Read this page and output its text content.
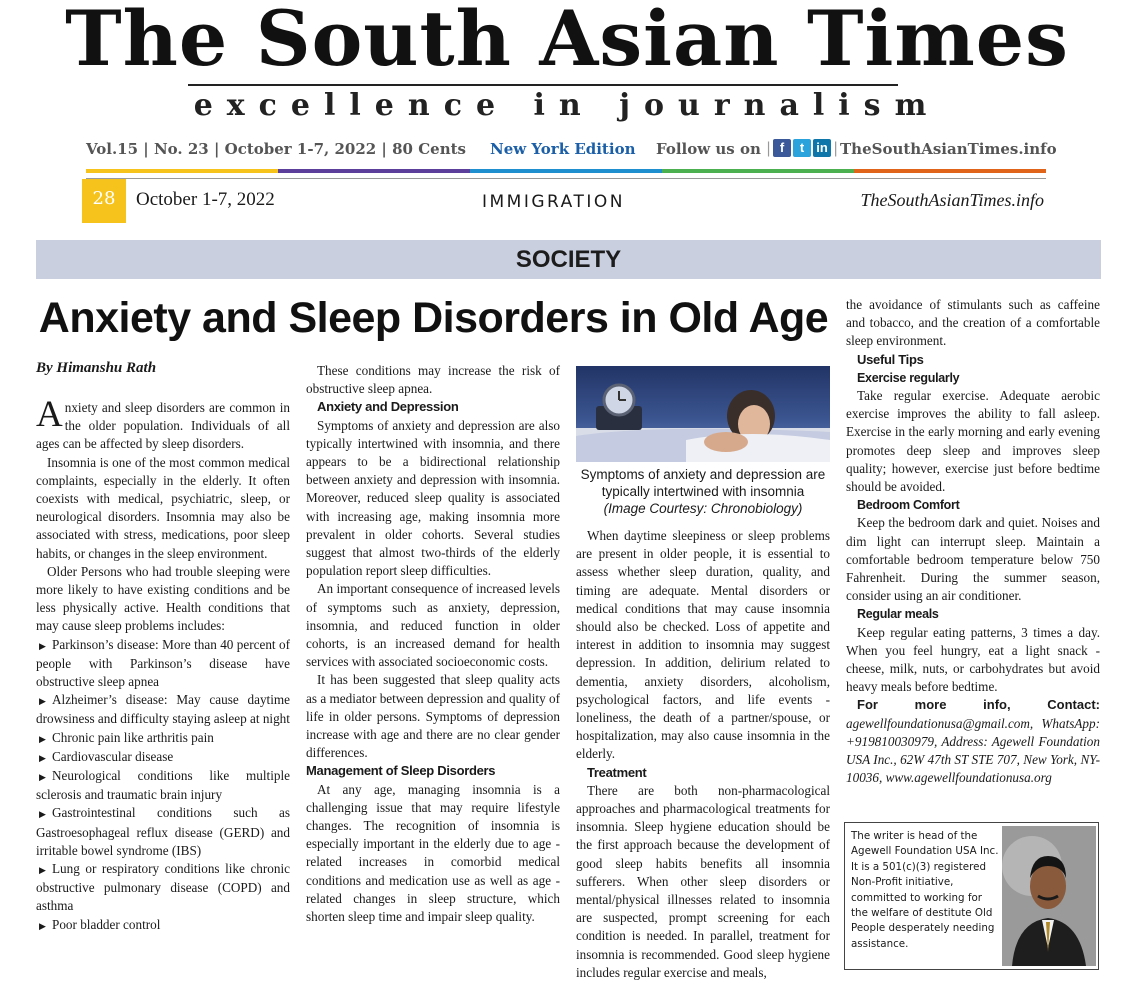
The South Asian Times
excellence in journalism
Vol.15 | No. 23 | October 1-7, 2022 | 80 Cents New York Edition Follow us on | f	t in | TheSouthAsianTimes.info
28	October 1-7, 2022	IMMIGRATION	TheSouthAsianTimes.info
SOCIETY
Anxiety and Sleep Disorders in Old Age
By Himanshu Rath

Anxiety and sleep disorders are common in the older population. Individuals of all ages can be affected by sleep disorders.

Insomnia is one of the most common medical complaints, especially in the elderly. It often coexists with medical, psychiatric, sleep, or neurological disorders. Insomnia may also be associated with stress, medications, poor sleep habits, or changes in the sleep environment.

Older Persons who had trouble sleeping were more likely to have existing conditions and be less physically active. Health conditions that may cause sleep problems includes:

▶ Parkinson’s disease: More than 40 percent of people with Parkinson’s disease have obstructive sleep apnea
▶ Alzheimer’s disease: May cause daytime drowsiness and difficulty staying asleep at night
▶ Chronic pain like arthritis pain
▶ Cardiovascular disease
▶ Neurological conditions like multiple sclerosis and traumatic brain injury
▶ Gastrointestinal conditions such as Gastroesophageal reflux disease (GERD) and irritable bowel syndrome (IBS)
▶ Lung or respiratory conditions like chronic obstructive pulmonary disease (COPD) and asthma
▶ Poor bladder control

These conditions may increase the risk of obstructive sleep apnea.

Anxiety and Depression

Symptoms of anxiety and depression are also typically intertwined with insomnia, and there appears to be a bidirectional relationship between anxiety and depression with insomnia. Moreover, reduced sleep quality is associated with increasing age, making insomnia more prevalent in older cohorts. Several studies suggest that almost two-thirds of the elderly population report sleep difficulties.

An important consequence of increased levels of symptoms such as anxiety, depression, insomnia, and reduced function in older cohorts, is an increased demand for health services with associated socioeconomic costs.

It has been suggested that sleep quality acts as a mediator between depression and quality of life in older persons. Symptoms of depression increase with age and there are no clear gender differences.

Management of Sleep Disorders

At any age, managing insomnia is a challenging issue that may require lifestyle changes. The recognition of insomnia is especially important in the elderly due to age - related increases in comorbid medical conditions and medication use as well as age - related changes in sleep structure, which shorten sleep time and impair sleep quality.

Symptoms of anxiety and depression are typically intertwined with insomnia
(Image Courtesy: Chronobiology)

When daytime sleepiness or sleep problems are present in older people, it is essential to assess whether sleep duration, quality, and timing are adequate. Mental disorders or medical conditions that may cause insomnia should also be checked. Loss of appetite and interest in addition to insomnia may suggest depression. In addition, delirium related to dementia, anxiety disorders, alcoholism, psychological factors, and life events - loneliness, the death of a partner/spouse, or hospitalization, may also cause insomnia in the elderly.

Treatment

There are both non-pharmacological approaches and pharmacological treatments for insomnia. Sleep hygiene education should be the first approach because the development of good sleep habits benefits all insomnia sufferers. When other sleep disorders or mental/physical illnesses related to insomnia are suspected, prompt screening for each condition is needed. In parallel, treatment for insomnia is recommended. Good sleep hygiene includes regular exercise and meals,

the avoidance of stimulants such as caffeine and tobacco, and the creation of a comfortable sleep environment.

Useful Tips
Exercise regularly

Take regular exercise. Adequate aerobic exercise improves the ability to fall asleep. Exercise in the early morning and early evening promotes deep sleep and improves sleep quality; however, exercise just before bedtime should be avoided.

Bedroom Comfort

Keep the bedroom dark and quiet. Noises and dim light can interrupt sleep. Maintain a comfortable bedroom temperature below 750 Fahrenheit. During the summer season, consider using an air conditioner.

Regular meals

Keep regular eating patterns, 3 times a day. When you feel hungry, eat a light snack - cheese, milk, nuts, or carbohydrates but avoid heavy meals before bedtime.

For more info, Contact: agewellfoundationusa@gmail.com, WhatsApp: +919810030979, Address: Agewell Foundation USA Inc., 62W 47th ST STE 707, New York, NY-10036, www.agewellfoundationusa.org

The writer is head of the Agewell Foundation USA Inc. It is a 501(c)(3) registered Non-Profit initiative, committed to working for the welfare of destitute Old People desperately needing assistance.
